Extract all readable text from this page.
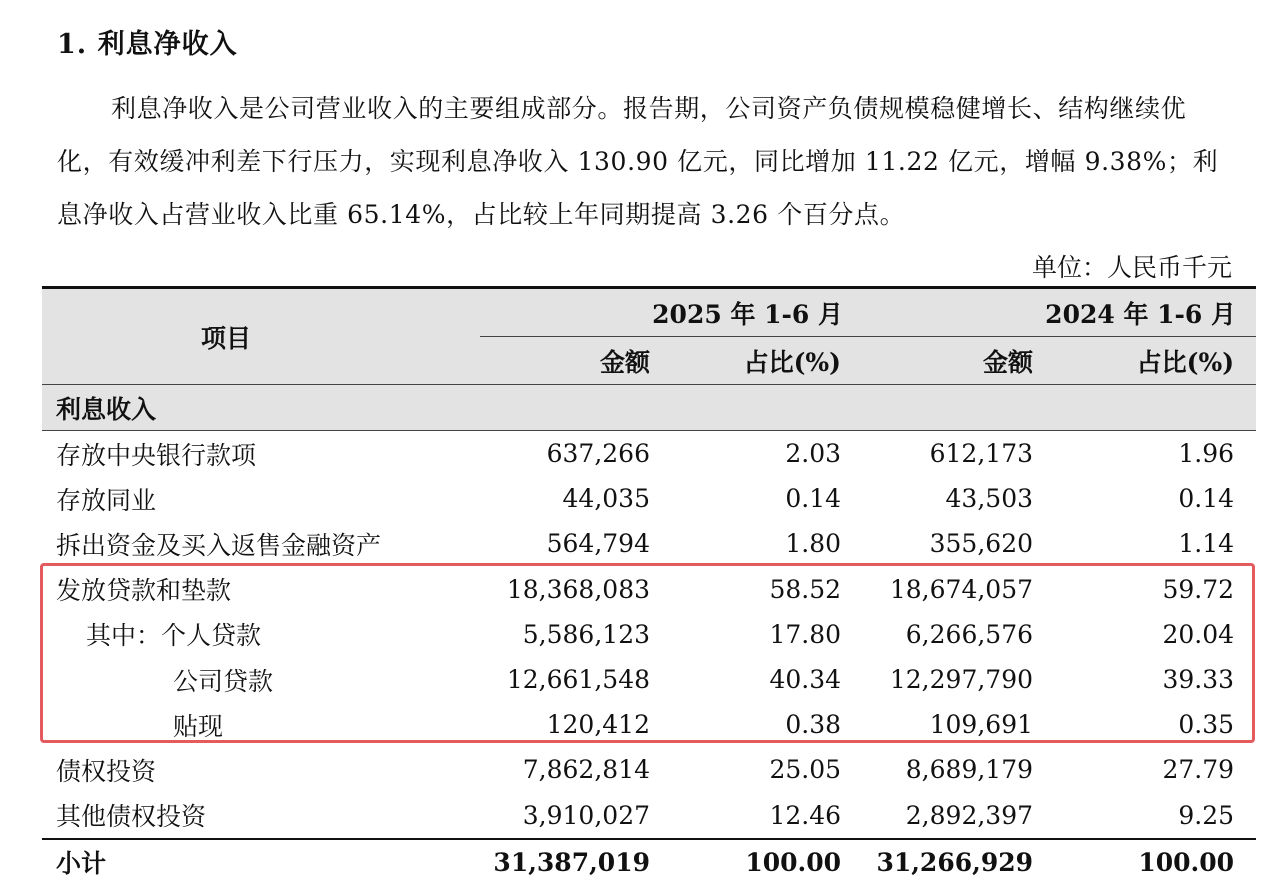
1. 利息净收入
利息净收入是公司营业收入的主要组成部分。报告期，公司资产负债规模稳健增长、结构继续优化，有效缓冲利差下行压力，实现利息净收入 130.90 亿元，同比增加 11.22 亿元，增幅 9.38%；利息净收入占营业收入比重 65.14%，占比较上年同期提高 3.26 个百分点。
单位：人民币千元
项目	2025 年 1-6 月		2024 年 1-6 月	
	金额	占比(%)	金额	占比(%)
利息收入				
存放中央银行款项	637,266	2.03	612,173	1.96
存放同业	44,035	0.14	43,503	0.14
拆出资金及买入返售金融资产	564,794	1.80	355,620	1.14
发放贷款和垫款	18,368,083	58.52	18,674,057	59.72
其中：个人贷款	5,586,123	17.80	6,266,576	20.04
公司贷款	12,661,548	40.34	12,297,790	39.33
贴现	120,412	0.38	109,691	0.35
债权投资	7,862,814	25.05	8,689,179	27.79
其他债权投资	3,910,027	12.46	2,892,397	9.25
小计	31,387,019	100.00	31,266,929	100.00
